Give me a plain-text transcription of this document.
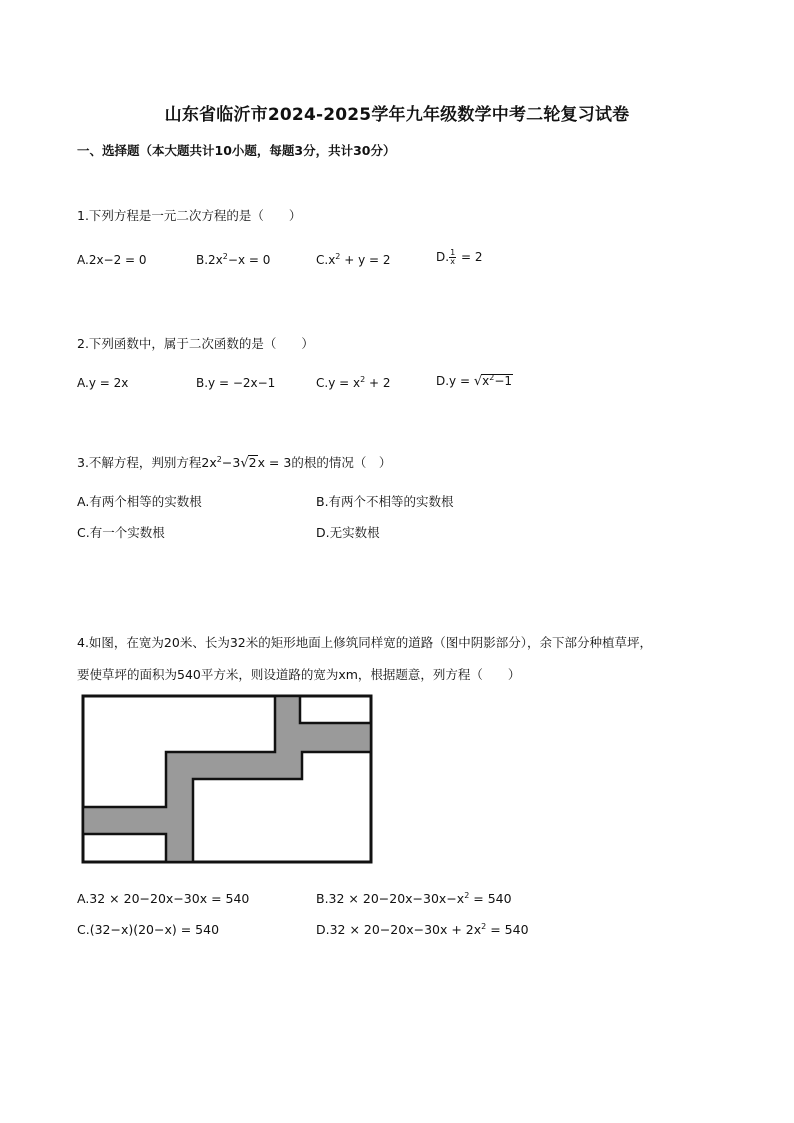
山东省临沂市2024-2025学年九年级数学中考二轮复习试卷
一、选择题（本大题共计10小题，每题3分，共计30分）
1.下列方程是一元二次方程的是（　　）
A.2x−2 = 0	$B.2x^2-x = 0$	$C.x^2 + y = 2$	D. $\frac{1}{x} = 2$
2.下列函数中，属于二次函数的是（　　）
A.y = 2x	B.y = −2x−1	$C.y = x^2 + 2$	$D.y = √x^2-1$
3.不解方程，判别方程$2x^2-3√2x = 3$的根的情况（　）
A.有两个相等的实数根	B.有两个不相等的实数根
C.有一个实数根	D.无实数根
4.如图，在宽为20米、长为32米的矩形地面上修筑同样宽的道路（图中阴影部分），余下部分种植草坪，
要使草坪的面积为540平方米，则设道路的宽为xm，根据题意，列方程（　　）
A.32 × 20−20x−30x = 540	$B.32 \times 20-20x-30x-x^2 = 540$
C.(32−x)(20−x) = 540	$D.32 \times 20-20x-30x + 2x^2 = 540$
